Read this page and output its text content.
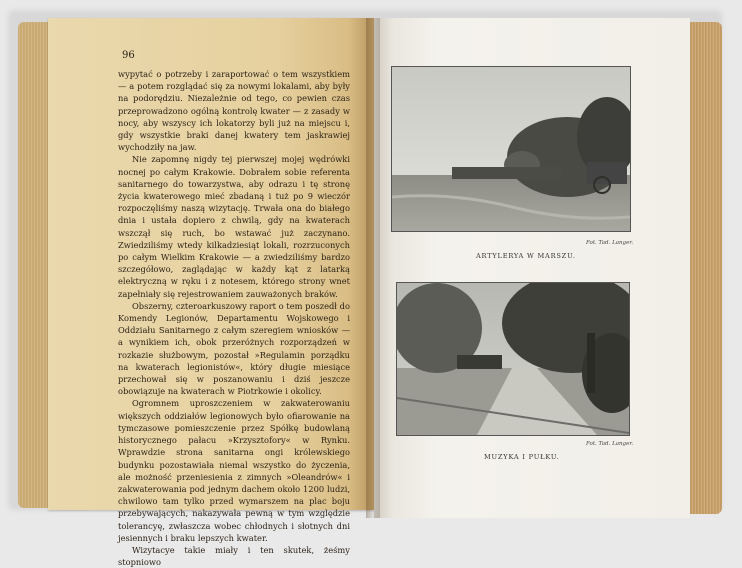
96

wypytać o potrzeby i zaraportować o tem wszystkiem — a potem rozglądać się za nowymi lokalami, aby były na podorędziu. Niezależnie od tego, co pewien czas przeprowadzono ogólną kontrolę kwater — z zasady w nocy, aby wszyscy ich lokatorzy byli już na miejscu i, gdy wszystkie braki danej kwatery tem jaskrawiej wychodziły na jaw.

Nie zapomnę nigdy tej pierwszej mojej wędrówki nocnej po całym Krakowie. Dobrałem sobie referenta sanitarnego do towarzystwa, aby odrazu i tę stronę życia kwaterowego mieć zbadaną i tuż po 9 wieczór rozpoczęliśmy naszą wizytację. Trwała ona do białego dnia i ustała dopiero z chwilą, gdy na kwaterach wszczął się ruch, bo wstawać już zaczynano. Zwiedziliśmy wtedy kilkadziesiąt lokali, rozrzuconych po całym Wielkim Krakowie — a zwiedziliśmy bardzo szczegółowo, zaglądając w każdy kąt z latarką elektryczną w ręku i z notesem, którego strony wnet zapełniały się rejestrowaniem zauważonych braków.

Obszerny, czteroarkuszowy raport o tem poszedł do Komendy Legionów, Departamentu Wojskowego i Oddziału Sanitarnego z całym szeregiem wniosków — a wynikiem ich, obok przeróżnych rozporządzeń w rozkazie służbowym, pozostał »Regulamin porządku na kwaterach legionistów«, który długie miesiące przechował się w poszanowaniu i dziś jeszcze obowiązuje na kwaterach w Piotrkowie i okolicy.

Ogromnem uproszczeniem w zakwaterowaniu większych oddziałów legionowych było ofiarowanie na tymczasowe pomieszczenie przez Spółkę budowlaną historycznego pałacu »Krzysztofory« w Rynku. Wprawdzie strona sanitarna ongi królewskiego budynku pozostawiała niemal wszystko do życzenia, ale możność przeniesienia z zimnych »Oleandrów« i zakwaterowania pod jednym dachem około 1200 ludzi, chwilowo tam tylko przed wymarszem na plac boju przebywających, nakazywała pewną w tym względzie tolerancyę, zwłaszcza wobec chłodnych i słotnych dni jesiennych i braku lepszych kwater.

Wizytacye takie miały i ten skutek, żeśmy stopniowo

Fot. Tad. Langer.
ARTYLERYA W MARSZU.
Fot. Tad. Langer.
MUZYKA I PUŁKU.
